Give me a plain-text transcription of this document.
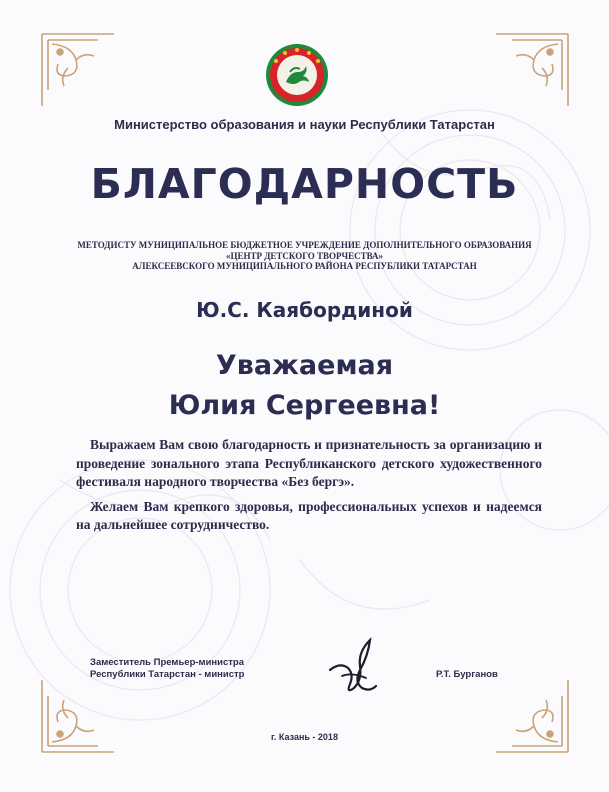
Министерство образования и науки Республики Татарстан
БЛАГОДАРНОСТЬ
МЕТОДИСТУ МУНИЦИПАЛЬНОЕ БЮДЖЕТНОЕ УЧРЕЖДЕНИЕ ДОПОЛНИТЕЛЬНОГО ОБРАЗОВАНИЯ
«ЦЕНТР ДЕТСКОГО ТВОРЧЕСТВА»
АЛЕКСЕЕВСКОГО МУНИЦИПАЛЬНОГО РАЙОНА РЕСПУБЛИКИ ТАТАРСТАН
Ю.С. Каябординой
Уважаемая
Юлия Сергеевна!

Выражаем Вам свою благодарность и признательность за организацию и проведение зонального этапа Республиканского детского художественного фестиваля народного творчества «Без бергэ».

Желаем Вам крепкого здоровья, профессиональных успехов и надеемся на дальнейшее сотрудничество.

Заместитель Премьер-министра
Республики Татарстан - министр	Р.Т. Бурганов
г. Казань - 2018
